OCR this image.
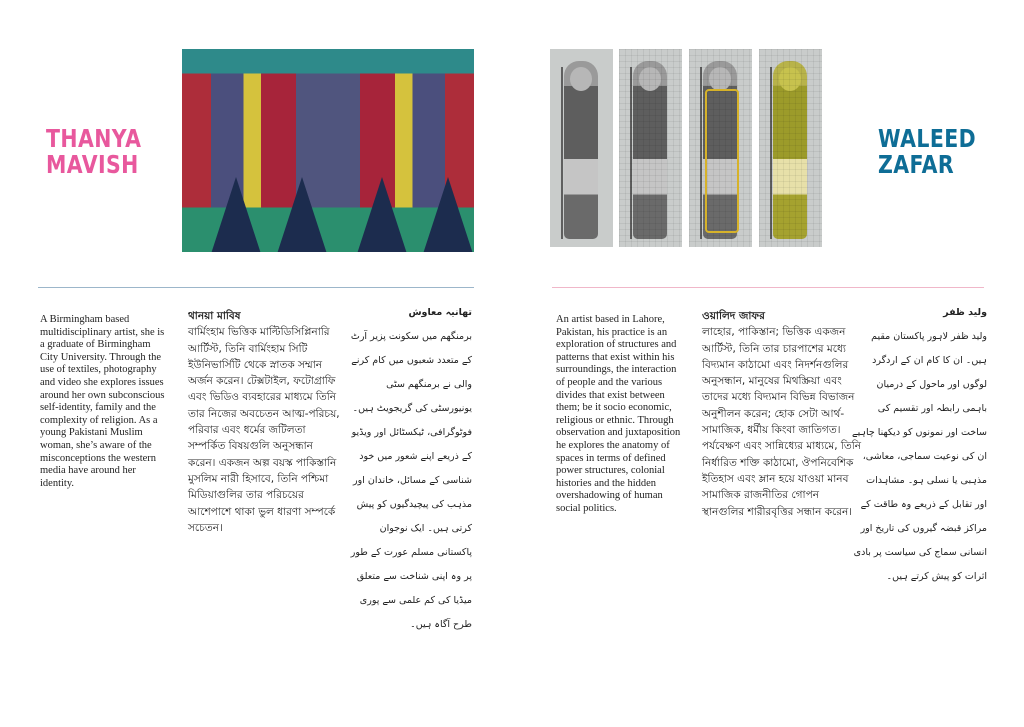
THANYA
MAVISH
A Birmingham based multidisciplinary artist, she is a graduate of Birmingham City University. Through the use of textiles, photography and video she explores issues around her own subconscious self-identity, family and the complexity of religion. As a young Pakistani Muslim woman, she’s aware of the misconceptions the western media have around her identity.
থানয়া মাবিষ
বার্মিংহাম ভিত্তিক মাল্টিডিসিপ্লিনারি আর্টিস্ট, তিনি বার্মিংহাম সিটি ইউনিভার্সিটি থেকে স্নাতক সম্মান অর্জন করেন। টেক্সটাইল, ফটোগ্রাফি এবং ভিডিও ব্যবহারের মাধ্যমে তিনি তার নিজের অবচেতন আত্ম-পরিচয়, পরিবার এবং ধর্মের জটিলতা সম্পর্কিত বিষয়গুলি অনুসন্ধান করেন। একজন অল্প বয়স্ক পাকিস্তানি মুসলিম নারী হিসাবে, তিনি পশ্চিমা মিডিয়াগুলির তার পরিচয়ের আশেপাশে থাকা ভুল ধারণা সম্পর্কে সচেতন।
تھانیہ معاوش
برمنگھم میں سکونت پزیر آرٹ کے متعدد شعبوں میں کام کرنے والی نے برمنگھم سٹی یونیورسٹی کی گریجویٹ ہیں۔ فوٹوگرافی، ٹیکسٹائل اور ویڈیو کے ذریعے اپنے شعور میں خود شناسی کے مسائل، خاندان اور مذہب کی پیچیدگیوں کو پیش کرتی ہیں۔ ایک نوجوان پاکستانی مسلم عورت کے طور پر وہ اپنی شناخت سے متعلق میڈیا کی کم علمی سے پوری طرح آگاہ ہیں۔
WALEED
ZAFAR
An artist based in Lahore, Pakistan, his practice is an exploration of structures and patterns that exist within his surroundings, the interaction of people and the various divides that exist between them; be it socio economic, religious or ethnic. Through observation and juxtaposition he explores the anatomy of spaces in terms of defined power structures, colonial histories and the hidden overshadowing of human social politics.
ওয়ালিদ জাফর
লাহোর, পাকিস্তান; ভিত্তিক একজন আর্টিস্ট, তিনি তার চারপাশের মধ্যে বিদ্যমান কাঠামো এবং নিদর্শনগুলির অনুসন্ধান, মানুষের মিথস্ক্রিয়া এবং তাদের মধ্যে বিদ্যমান বিভিন্ন বিভাজন অনুশীলন করেন; হোক সেটা আর্থ-সামাজিক, ধর্মীয় কিংবা জাতিগত। পর্যবেক্ষণ এবং সান্নিধ্যের মাধ্যমে, তিনি নির্ধারিত শক্তি কাঠামো, ঔপনিবেশিক ইতিহাস এবং ম্লান হয়ে যাওয়া মানব সামাজিক রাজনীতির গোপন স্থানগুলির শারীরবৃত্তির সন্ধান করেন।
ولید ظفر
ولید ظفر لاہور پاکستان مقیم ہیں۔ ان کا کام ان کے اردگرد لوگوں اور ماحول کے درمیان باہمی رابطہ اور تقسیم کی ساخت اور نمونوں کو دیکھنا چاہیے ان کی نوعیت سماجی، معاشی، مذہبی یا نسلی ہو۔ مشاہدات اور تقابل کے ذریعے وہ طاقت کے مراکز قبضہ گیروں کی تاریخ اور انسانی سماج کی سیاست پر بادی اثرات کو پیش کرتے ہیں۔
